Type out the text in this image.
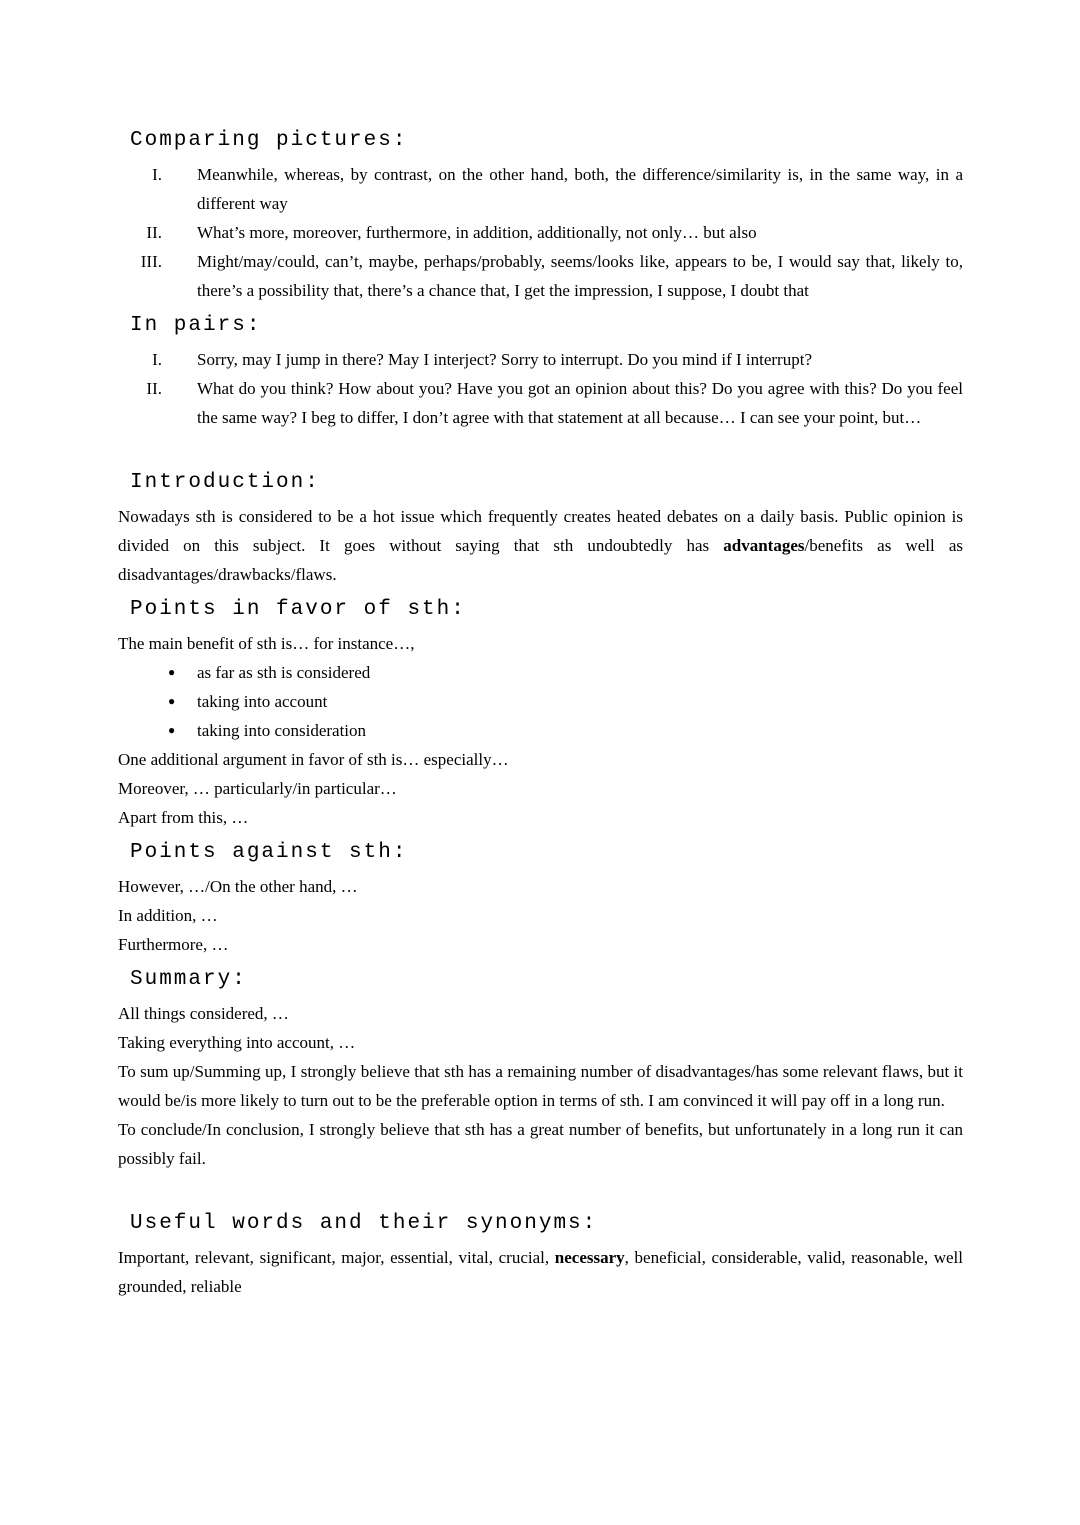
Comparing pictures:
I. Meanwhile, whereas, by contrast, on the other hand, both, the difference/similarity is, in the same way, in a different way
II. What’s more, moreover, furthermore, in addition, additionally, not only… but also
III. Might/may/could, can’t, maybe, perhaps/probably, seems/looks like, appears to be, I would say that, likely to, there’s a possibility that, there’s a chance that, I get the impression, I suppose, I doubt that
In pairs:
I. Sorry, may I jump in there? May I interject? Sorry to interrupt. Do you mind if I interrupt?
II. What do you think? How about you? Have you got an opinion about this? Do you agree with this? Do you feel the same way? I beg to differ, I don’t agree with that statement at all because… I can see your point, but…
Introduction:

Nowadays sth is considered to be a hot issue which frequently creates heated debates on a daily basis. Public opinion is divided on this subject. It goes without saying that sth undoubtedly has advantages/benefits as well as disadvantages/drawbacks/flaws.

Points in favor of sth:
The main benefit of sth is… for instance…,
●	as far as sth is considered
●	taking into account
●	taking into consideration
One additional argument in favor of sth is… especially…
Moreover, … particularly/in particular…
Apart from this, …
Points against sth:
However, …/On the other hand, …
In addition, …
Furthermore, …
Summary:
All things considered, …
Taking everything into account, …

To sum up/Summing up, I strongly believe that sth has a remaining number of disadvantages/has some relevant flaws, but it would be/is more likely to turn out to be the preferable option in terms of sth. I am convinced it will pay off in a long run.

To conclude/In conclusion, I strongly believe that sth has a great number of benefits, but unfortunately in a long run it can possibly fail.

Useful words and their synonyms:

Important, relevant, significant, major, essential, vital, crucial, necessary, beneficial, considerable, valid, reasonable, well grounded, reliable
